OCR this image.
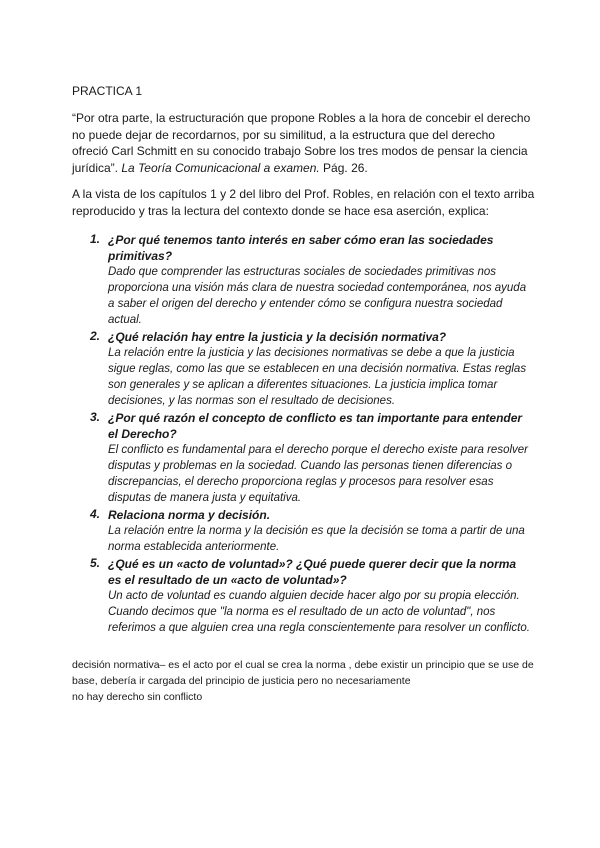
PRACTICA 1

“Por otra parte, la estructuración que propone Robles a la hora de concebir el derecho no puede dejar de recordarnos, por su similitud, a la estructura que del derecho ofreció Carl Schmitt en su conocido trabajo Sobre los tres modos de pensar la ciencia jurídica”. La Teoría Comunicacional a examen. Pág. 26.

A la vista de los capítulos 1 y 2 del libro del Prof. Robles, en relación con el texto arriba reproducido y tras la lectura del contexto donde se hace esa aserción, explica:

1. ¿Por qué tenemos tanto interés en saber cómo eran las sociedades primitivas?
Dado que comprender las estructuras sociales de sociedades primitivas nos proporciona una visión más clara de nuestra sociedad contemporánea, nos ayuda a saber el origen del derecho y entender cómo se configura nuestra sociedad actual.
2. ¿Qué relación hay entre la justicia y la decisión normativa?
La relación entre la justicia y las decisiones normativas se debe a que la justicia sigue reglas, como las que se establecen en una decisión normativa. Estas reglas son generales y se aplican a diferentes situaciones. La justicia implica tomar decisiones, y las normas son el resultado de decisiones.
3. ¿Por qué razón el concepto de conflicto es tan importante para entender el Derecho?
El conflicto es fundamental para el derecho porque el derecho existe para resolver disputas y problemas en la sociedad. Cuando las personas tienen diferencias o discrepancias, el derecho proporciona reglas y procesos para resolver esas disputas de manera justa y equitativa.
4. Relaciona norma y decisión.
La relación entre la norma y la decisión es que la decisión se toma a partir de una norma establecida anteriormente.
5. ¿Qué es un «acto de voluntad»? ¿Qué puede querer decir que la norma es el resultado de un «acto de voluntad»?
Un acto de voluntad es cuando alguien decide hacer algo por su propia elección. Cuando decimos que "la norma es el resultado de un acto de voluntad", nos referimos a que alguien crea una regla conscientemente para resolver un conflicto.
decisión normativa– es el acto por el cual se crea la norma , debe existir un principio que se use de base, debería ir cargada del principio de justicia pero no necesariamente
no hay derecho sin conflicto
